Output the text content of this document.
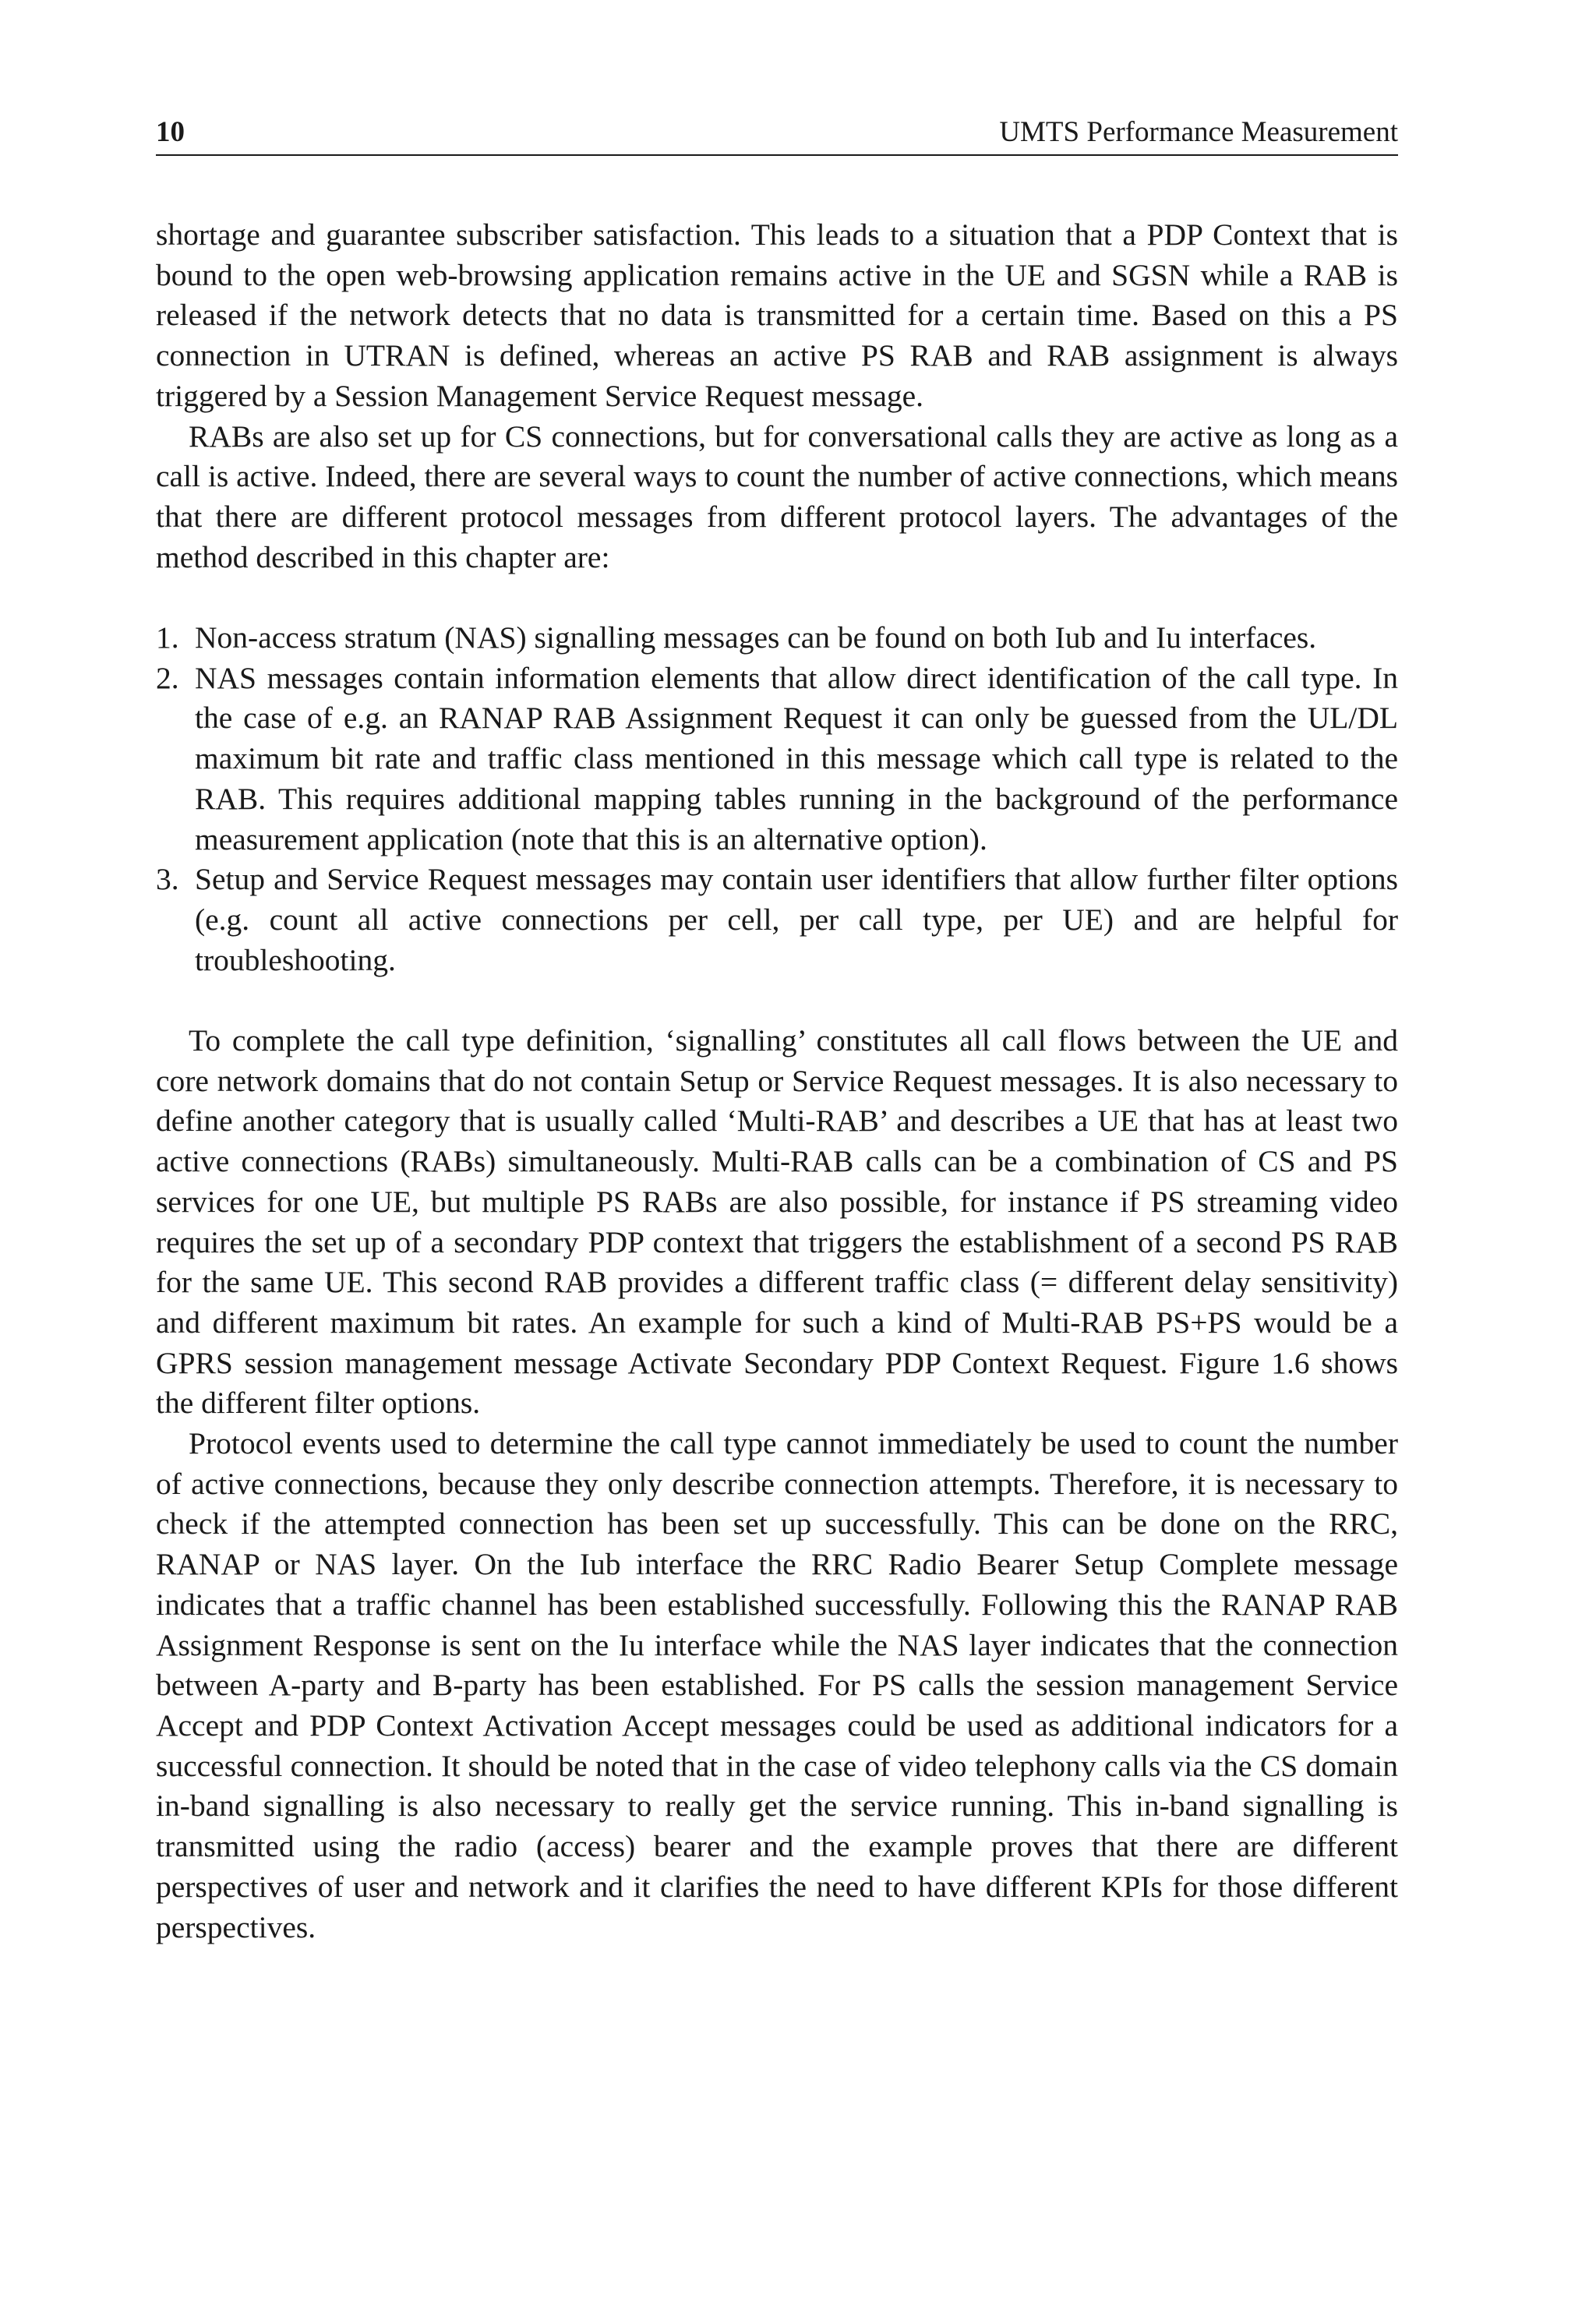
10	UMTS Performance Measurement

shortage and guarantee subscriber satisfaction. This leads to a situation that a PDP Context that is bound to the open web-browsing application remains active in the UE and SGSN while a RAB is released if the network detects that no data is transmitted for a certain time. Based on this a PS connection in UTRAN is defined, whereas an active PS RAB and RAB assignment is always triggered by a Session Management Service Request message.

RABs are also set up for CS connections, but for conversational calls they are active as long as a call is active. Indeed, there are several ways to count the number of active connections, which means that there are different protocol messages from different protocol layers. The advantages of the method described in this chapter are:

1. Non-access stratum (NAS) signalling messages can be found on both Iub and Iu interfaces.
2. NAS messages contain information elements that allow direct identification of the call type. In the case of e.g. an RANAP RAB Assignment Request it can only be guessed from the UL/DL maximum bit rate and traffic class mentioned in this message which call type is related to the RAB. This requires additional mapping tables running in the background of the performance measurement application (note that this is an alternative option).
3. Setup and Service Request messages may contain user identifiers that allow further filter options (e.g. count all active connections per cell, per call type, per UE) and are helpful for troubleshooting.

To complete the call type definition, ‘signalling’ constitutes all call flows between the UE and core network domains that do not contain Setup or Service Request messages. It is also necessary to define another category that is usually called ‘Multi-RAB’ and describes a UE that has at least two active connections (RABs) simultaneously. Multi-RAB calls can be a combination of CS and PS services for one UE, but multiple PS RABs are also possible, for instance if PS streaming video requires the set up of a secondary PDP context that triggers the establishment of a second PS RAB for the same UE. This second RAB provides a different traffic class (= different delay sensitivity) and different maximum bit rates. An example for such a kind of Multi-RAB PS+PS would be a GPRS session management message Activate Secondary PDP Context Request. Figure 1.6 shows the different filter options.

Protocol events used to determine the call type cannot immediately be used to count the number of active connections, because they only describe connection attempts. Therefore, it is necessary to check if the attempted connection has been set up successfully. This can be done on the RRC, RANAP or NAS layer. On the Iub interface the RRC Radio Bearer Setup Complete message indicates that a traffic channel has been established successfully. Following this the RANAP RAB Assignment Response is sent on the Iu interface while the NAS layer indicates that the connection between A-party and B-party has been established. For PS calls the session management Service Accept and PDP Context Activation Accept messages could be used as additional indicators for a successful connection. It should be noted that in the case of video telephony calls via the CS domain in-band signalling is also necessary to really get the service running. This in-band signalling is transmitted using the radio (access) bearer and the example proves that there are different perspectives of user and network and it clarifies the need to have different KPIs for those different perspectives.
